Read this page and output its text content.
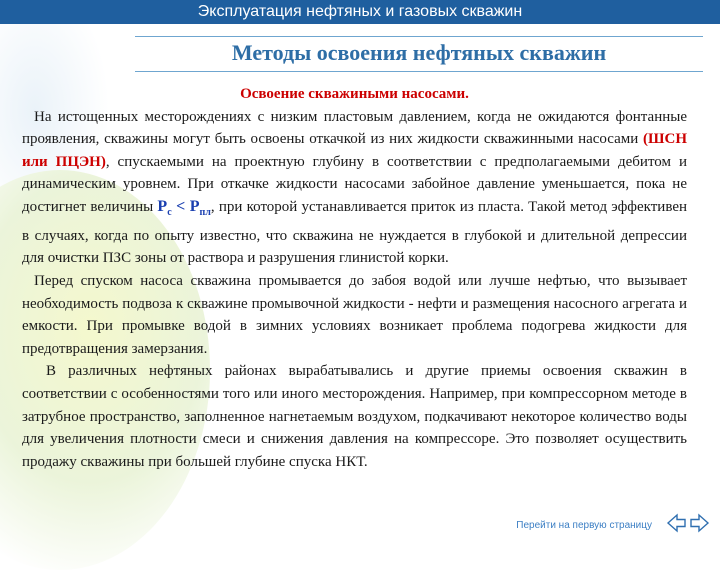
Эксплуатация нефтяных и газовых скважин
Методы освоения нефтяных скважин

Освоение скважиными насосами.

На истощенных месторождениях с низким пластовым давлением, когда не ожидаются фонтанные проявления, скважины могут быть освоены откачкой из них жидкости скважинными насосами (ШСН или ПЦЭН), спускаемыми на проектную глубину в соответствии с предполагаемыми дебитом и динамическим уровнем. При откачке жидкости насосами забойное давление уменьшается, пока не достигнет величины $Р_с < Р_{пл}$, при которой устанавливается приток из пласта. Такой метод эффективен в случаях, когда по опыту известно, что скважина не нуждается в глубокой и длительной депрессии для очистки ПЗС зоны от раствора и разрушения глинистой корки.

Перед спуском насоса скважина промывается до забоя водой или лучше нефтью, что вызывает необходимость подвоза к скважине промывочной жидкости - нефти и размещения насосного агрегата и емкости. При промывке водой в зимних условиях возникает проблема подогрева жидкости для предотвращения замерзания.

В различных нефтяных районах вырабатывались и другие приемы освоения скважин в соответствии с особенностями того или иного месторождения. Например, при компрессорном методе в затрубное пространство, заполненное нагнетаемым воздухом, подкачивают некоторое количество воды для увеличения плотности смеси и снижения давления на компрессоре. Это позволяет осуществить продажу скважины при большей глубине спуска НКТ.

Перейти на первую страницу
